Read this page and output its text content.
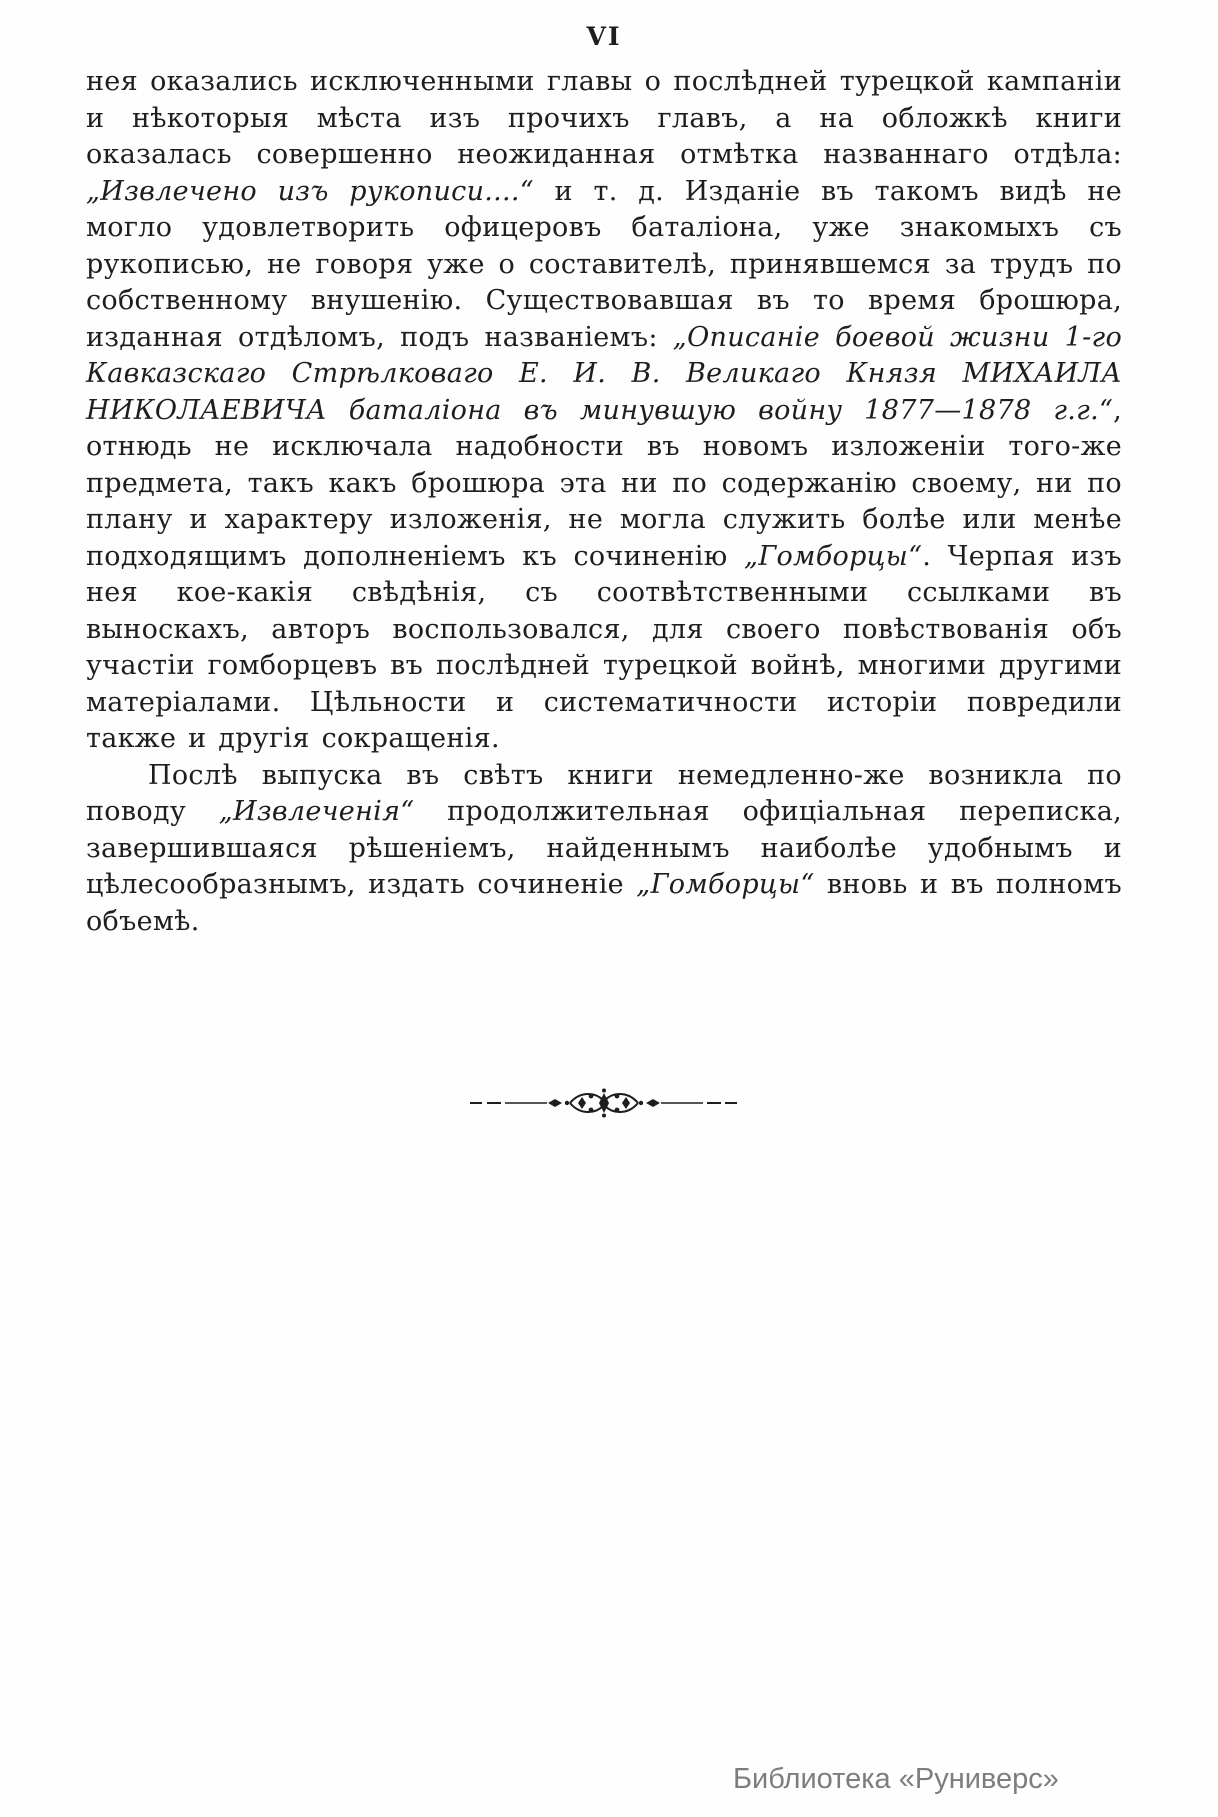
VI

нея оказались исключенными главы о послѣдней турецкой кампаніи и нѣкоторыя мѣста изъ прочихъ главъ, а на обложкѣ книги оказалась совершенно неожиданная отмѣтка названнаго отдѣла: „Извлечено изъ рукописи....“ и т. д. Изданіе въ такомъ видѣ не могло удовлетворить офицеровъ баталіона, уже знакомыхъ съ рукописью, не говоря уже о составителѣ, принявшемся за трудъ по собственному внушенію. Существовавшая въ то время брошюра, изданная отдѣломъ, подъ названіемъ: „Описаніе боевой жизни 1-го Кавказскаго Стрѣлковаго Е. И. В. Великаго Князя МИХАИЛА НИКОЛАЕВИЧА баталіона въ минувшую войну 1877—1878 г.г.“, отнюдь не исключала надобности въ новомъ изложеніи того-же предмета, такъ какъ брошюра эта ни по содержанію своему, ни по плану и характеру изложенія, не могла служить болѣе или менѣе подходящимъ дополненіемъ къ сочиненію „Гомборцы“. Черпая изъ нея кое-какія свѣдѣнія, съ соотвѣтственными ссылками въ выноскахъ, авторъ воспользовался, для своего повѣствованія объ участіи гомборцевъ въ послѣдней турецкой войнѣ, многими другими матеріалами. Цѣльности и систематичности исторіи повредили также и другія сокращенія.

Послѣ выпуска въ свѣтъ книги немедленно-же возникла по поводу „Извлеченія“ продолжительная офиціальная переписка, завершившаяся рѣшеніемъ, найденнымъ наиболѣе удобнымъ и цѣлесообразнымъ, издать сочиненіе „Гомборцы“ вновь и въ полномъ объемѣ.

Библиотека «Руниверс»
